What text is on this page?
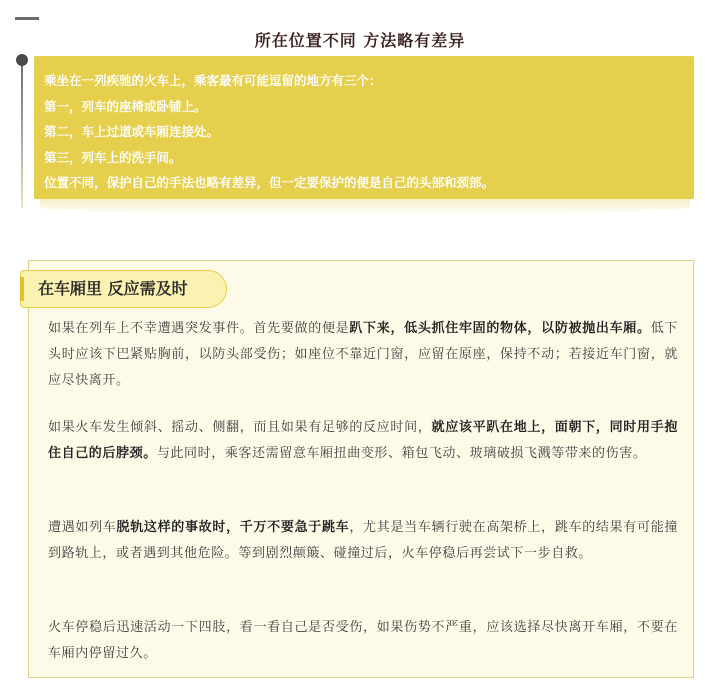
所在位置不同 方法略有差异
乘坐在一列疾驰的火车上，乘客最有可能逗留的地方有三个：
第一，列车的座椅或卧铺上。
第二，车上过道或车厢连接处。
第三，列车上的洗手间。
位置不同，保护自己的手法也略有差异，但一定要保护的便是自己的头部和颈部。
在车厢里 反应需及时
如果在列车上不幸遭遇突发事件。首先要做的便是趴下来，低头抓住牢固的物体，以防被抛出车厢。低下头时应该下巴紧贴胸前，以防头部受伤；如座位不靠近门窗，应留在原座，保持不动；若接近车门窗，就应尽快离开。
如果火车发生倾斜、摇动、侧翻，而且如果有足够的反应时间，就应该平趴在地上，面朝下，同时用手抱住自己的后脖颈。与此同时，乘客还需留意车厢扭曲变形、箱包飞动、玻璃破损飞溅等带来的伤害。
遭遇如列车脱轨这样的事故时，千万不要急于跳车，尤其是当车辆行驶在高架桥上，跳车的结果有可能撞到路轨上，或者遇到其他危险。等到剧烈颠簸、碰撞过后，火车停稳后再尝试下一步自救。
火车停稳后迅速活动一下四肢，看一看自己是否受伤，如果伤势不严重，应该选择尽快离开车厢，不要在车厢内停留过久。
